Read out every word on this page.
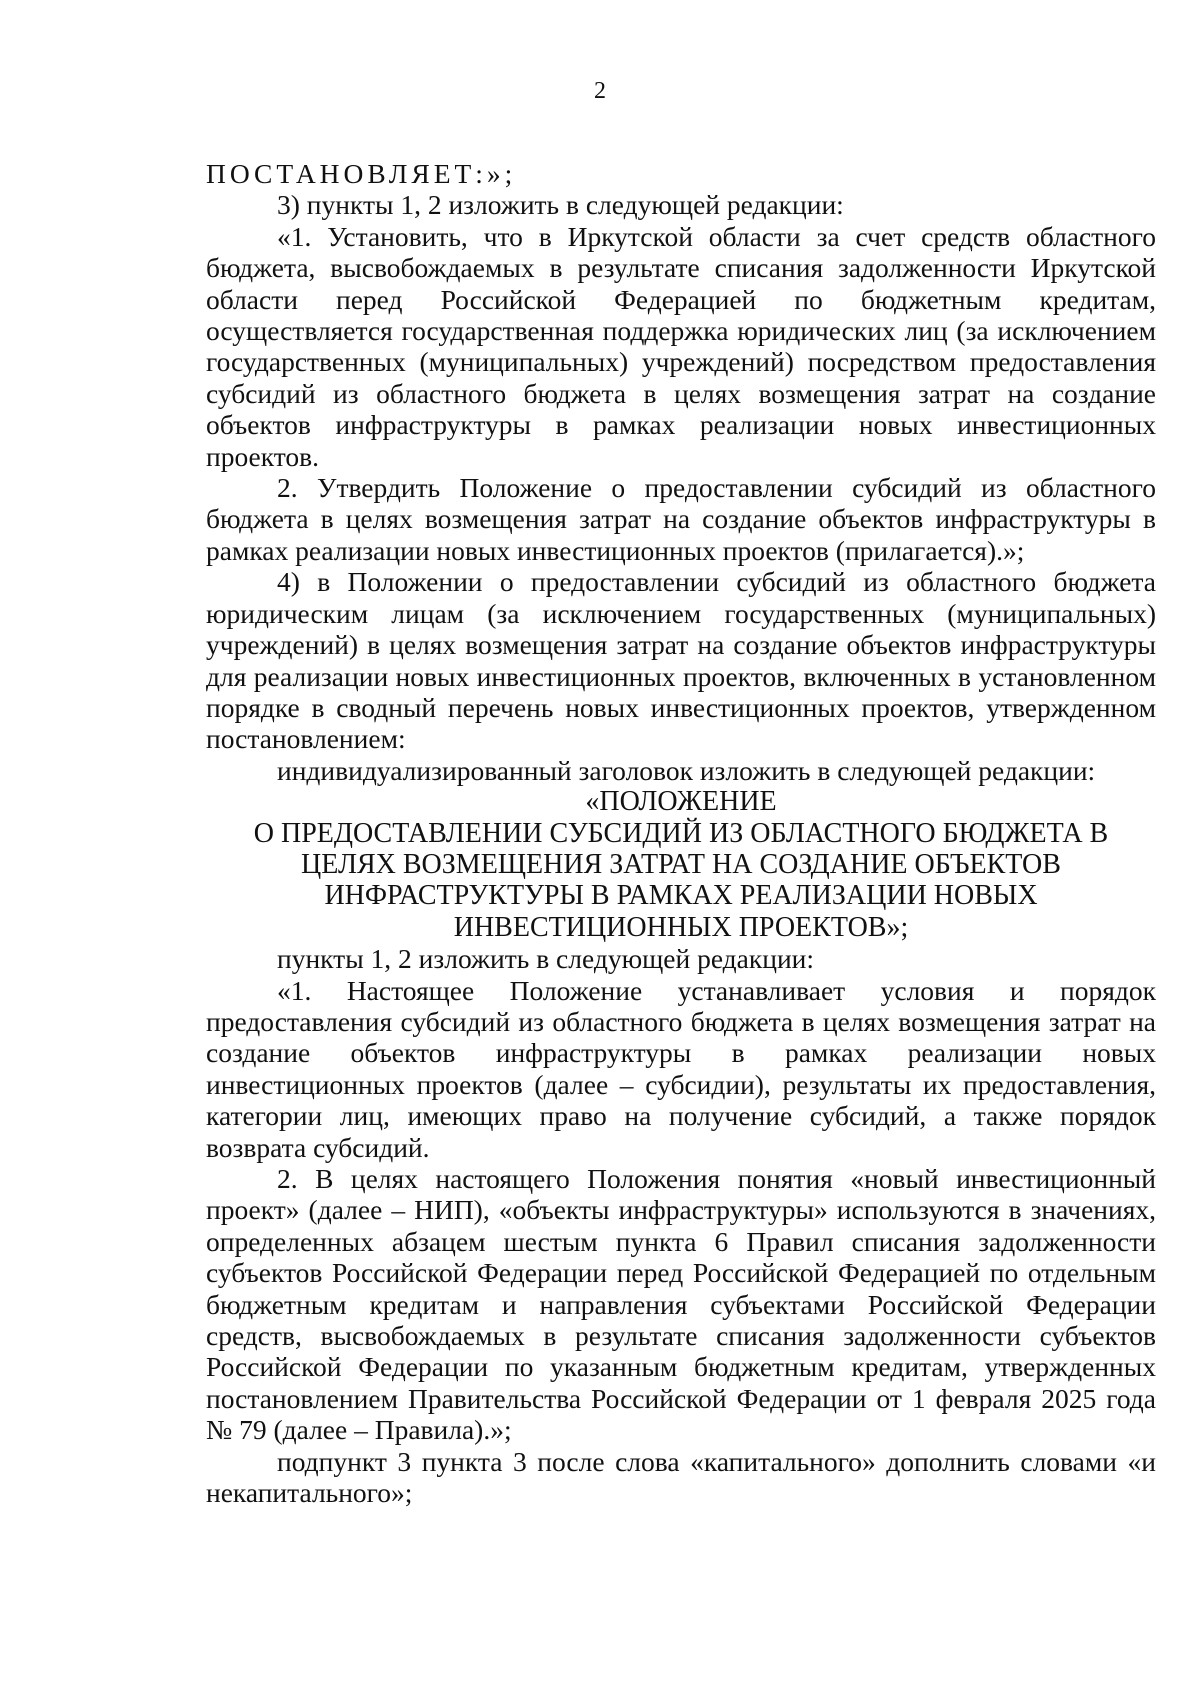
2

ПОСТАНОВЛЯЕТ:»;

3) пункты 1, 2 изложить в следующей редакции:

«1. Установить, что в Иркутской области за счет средств областного бюджета, высвобождаемых в результате списания задолженности Иркутской области перед Российской Федерацией по бюджетным кредитам, осуществляется государственная поддержка юридических лиц (за исключением государственных (муниципальных) учреждений) посредством предоставления субсидий из областного бюджета в целях возмещения затрат на создание объектов инфраструктуры в рамках реализации новых инвестиционных проектов.

2. Утвердить Положение о предоставлении субсидий из областного бюджета в целях возмещения затрат на создание объектов инфраструктуры в рамках реализации новых инвестиционных проектов (прилагается).»;

4) в Положении о предоставлении субсидий из областного бюджета юридическим лицам (за исключением государственных (муниципальных) учреждений) в целях возмещения затрат на создание объектов инфраструктуры для реализации новых инвестиционных проектов, включенных в установленном порядке в сводный перечень новых инвестиционных проектов, утвержденном постановлением:

индивидуализированный заголовок изложить в следующей редакции:

«ПОЛОЖЕНИЕ
О ПРЕДОСТАВЛЕНИИ СУБСИДИЙ ИЗ ОБЛАСТНОГО БЮДЖЕТА В
ЦЕЛЯХ ВОЗМЕЩЕНИЯ ЗАТРАТ НА СОЗДАНИЕ ОБЪЕКТОВ
ИНФРАСТРУКТУРЫ В РАМКАХ РЕАЛИЗАЦИИ НОВЫХ
ИНВЕСТИЦИОННЫХ ПРОЕКТОВ»;

пункты 1, 2 изложить в следующей редакции:

«1. Настоящее Положение устанавливает условия и порядок предоставления субсидий из областного бюджета в целях возмещения затрат на создание объектов инфраструктуры в рамках реализации новых инвестиционных проектов (далее – субсидии), результаты их предоставления, категории лиц, имеющих право на получение субсидий, а также порядок возврата субсидий.

2. В целях настоящего Положения понятия «новый инвестиционный проект» (далее – НИП), «объекты инфраструктуры» используются в значениях, определенных абзацем шестым пункта 6 Правил списания задолженности субъектов Российской Федерации перед Российской Федерацией по отдельным бюджетным кредитам и направления субъектами Российской Федерации средств, высвобождаемых в результате списания задолженности субъектов Российской Федерации по указанным бюджетным кредитам, утвержденных постановлением Правительства Российской Федерации от 1 февраля 2025 года № 79 (далее – Правила).»;

подпункт 3 пункта 3 после слова «капитального» дополнить словами «и некапитального»;
